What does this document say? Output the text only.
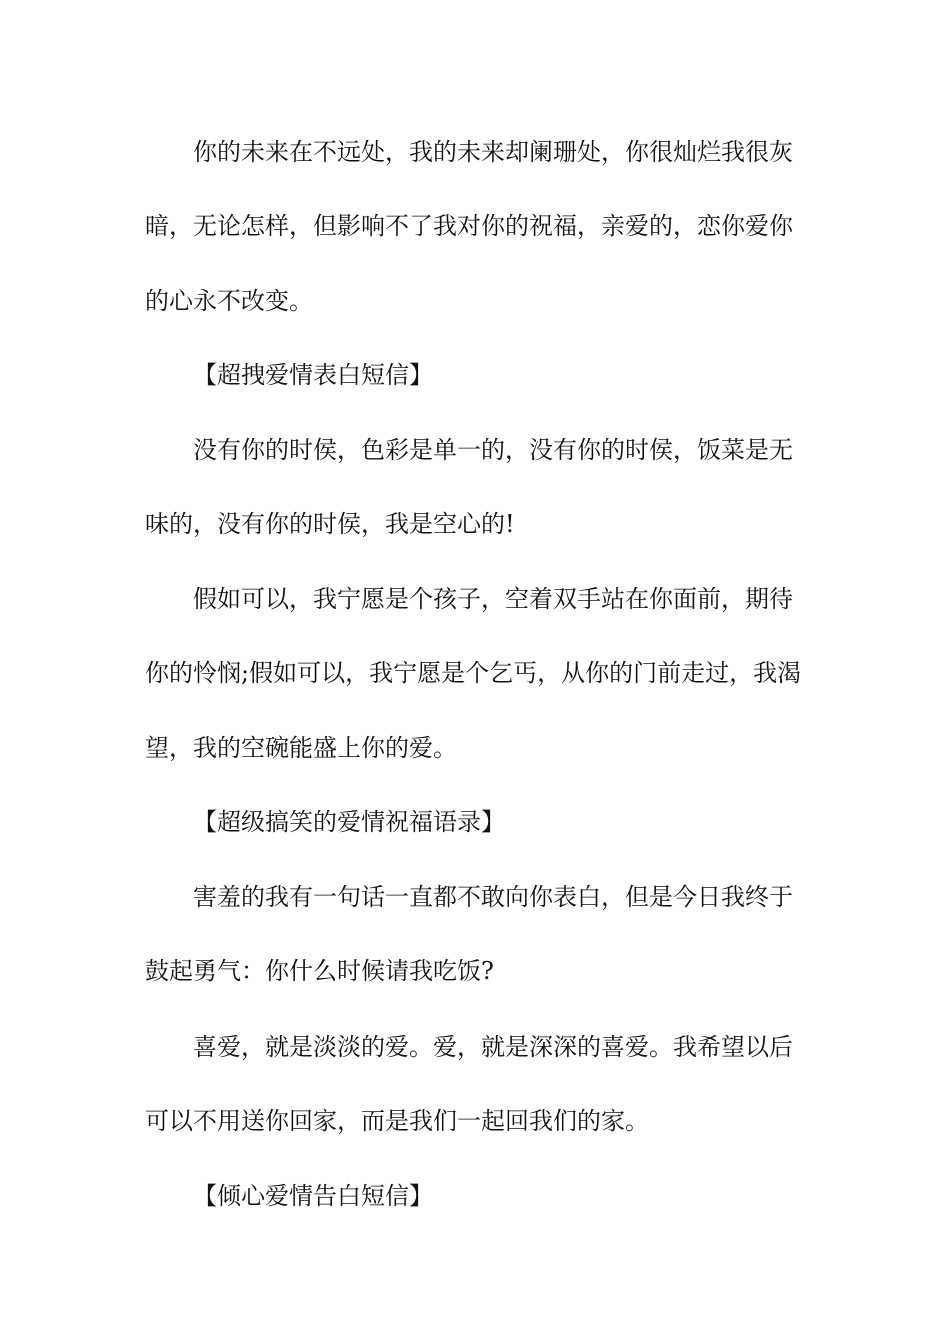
你的未来在不远处，我的未来却阑珊处，你很灿烂我很灰
暗，无论怎样，但影响不了我对你的祝福，亲爱的，恋你爱你
的心永不改变。
【超拽爱情表白短信】
没有你的时侯，色彩是单一的，没有你的时侯，饭菜是无
味的，没有你的时侯，我是空心的!
假如可以，我宁愿是个孩子，空着双手站在你面前，期待
你的怜悯;假如可以，我宁愿是个乞丐，从你的门前走过，我渴
望，我的空碗能盛上你的爱。
【超级搞笑的爱情祝福语录】
害羞的我有一句话一直都不敢向你表白，但是今日我终于
鼓起勇气：你什么时候请我吃饭?
喜爱，就是淡淡的爱。爱，就是深深的喜爱。我希望以后
可以不用送你回家，而是我们一起回我们的家。
【倾心爱情告白短信】
